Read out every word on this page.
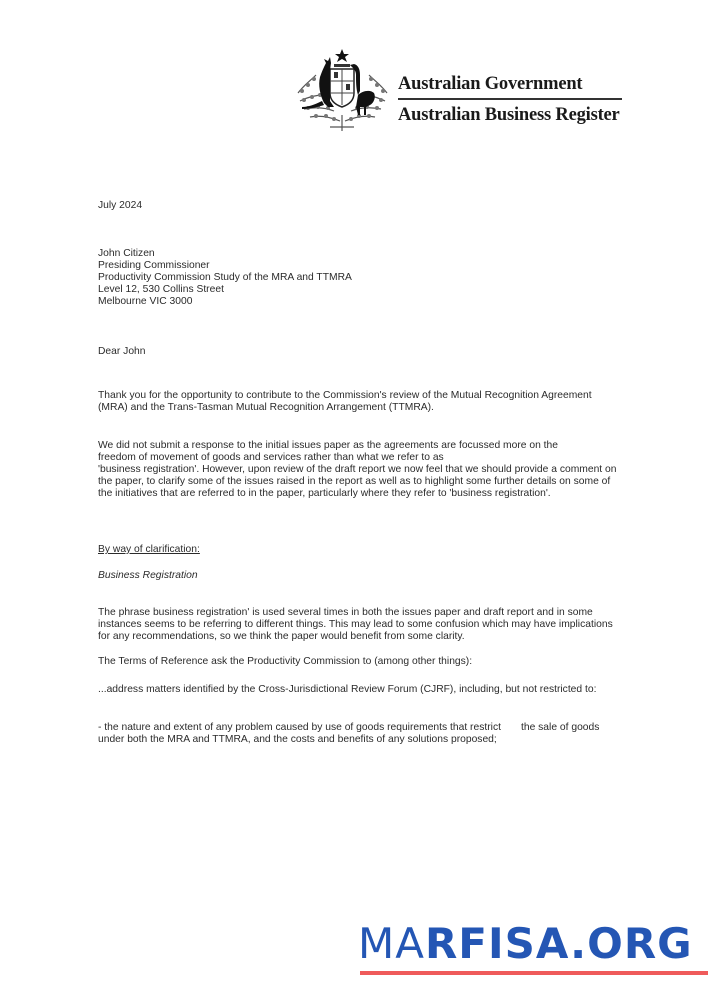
Australian Government
Australian Business Register

July 2024

John Citizen

Presiding Commissioner

Productivity Commission Study of the MRA and TTMRA

Level 12, 530 Collins Street

Melbourne VIC 3000

Dear John

Thank you for the opportunity to contribute to the Commission's review of the Mutual Recognition Agreement (MRA) and the Trans-Tasman Mutual Recognition Arrangement (TTMRA).

We did not submit a response to the initial issues paper as the agreements are focussed more on the freedom of movement of goods and services rather than what we refer to as

'business registration'. However, upon review of the draft report we now feel that we should provide a comment on the paper, to clarify some of the issues raised in the report as well as to highlight some further details on some of the initiatives that are referred to in the paper, particularly where they refer to 'business registration'.

By way of clarification:

Business Registration

The phrase business registration' is used several times in both the issues paper and draft report and in some instances seems to be referring to different things. This may lead to some confusion which may have implications for any recommendations, so we think the paper would benefit from some clarity.

The Terms of Reference ask the Productivity Commission to (among other things):

...address matters identified by the Cross-Jurisdictional Review Forum (CJRF), including, but not restricted to:

- the nature and extent of any problem caused by use of goods requirements that restrict       the sale of goods under both the MRA and TTMRA, and the costs and benefits of any solutions proposed;

MARFISA.ORG
